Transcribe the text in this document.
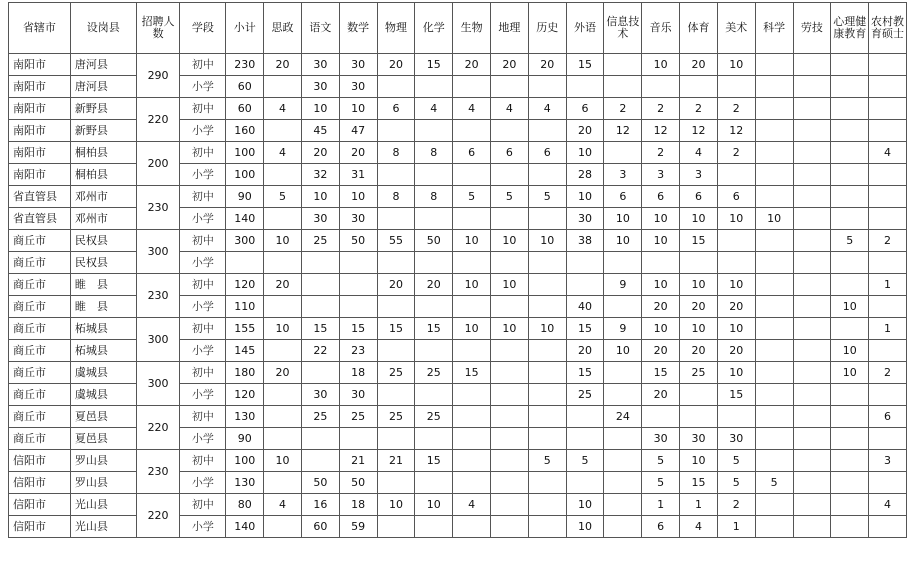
省辖市	设岗县	招聘人数	学段	小计	思政	语文	数学	物理	化学	生物	地理	历史	外语	信息技术	音乐	体育	美术	科学	劳技	心理健康教育	农村教育硕士
南阳市	唐河县	290	初中	230	20	30	30	20	15	20	20	20	15		10	20	10				
南阳市	唐河县		小学	60		30	30														
南阳市	新野县	220	初中	60	4	10	10	6	4	4	4	4	6	2	2	2	2				
南阳市	新野县		小学	160		45	47						20	12	12	12	12				
南阳市	桐柏县	200	初中	100	4	20	20	8	8	6	6	6	10		2	4	2				4
南阳市	桐柏县		小学	100		32	31						28	3	3	3					
省直管县	邓州市	230	初中	90	5	10	10	8	8	5	5	5	10	6	6	6	6				
省直管县	邓州市		小学	140		30	30						30	10	10	10	10	10			
商丘市	民权县	300	初中	300	10	25	50	55	50	10	10	10	38	10	10	15				5	2
商丘市	民权县		小学																		
商丘市	睢　县	230	初中	120	20			20	20	10	10			9	10	10	10				1
商丘市	睢　县		小学	110									40		20	20	20			10	
商丘市	柘城县	300	初中	155	10	15	15	15	15	10	10	10	15	9	10	10	10				1
商丘市	柘城县		小学	145		22	23						20	10	20	20	20			10	
商丘市	虞城县	300	初中	180	20		18	25	25	15			15		15	25	10			10	2
商丘市	虞城县		小学	120		30	30						25		20		15				
商丘市	夏邑县	220	初中	130		25	25	25	25					24							6
商丘市	夏邑县		小学	90											30	30	30				
信阳市	罗山县	230	初中	100	10		21	21	15			5	5		5	10	5				3
信阳市	罗山县		小学	130		50	50								5	15	5	5			
信阳市	光山县	220	初中	80	4	16	18	10	10	4			10		1	1	2				4
信阳市	光山县		小学	140		60	59						10		6	4	1				
